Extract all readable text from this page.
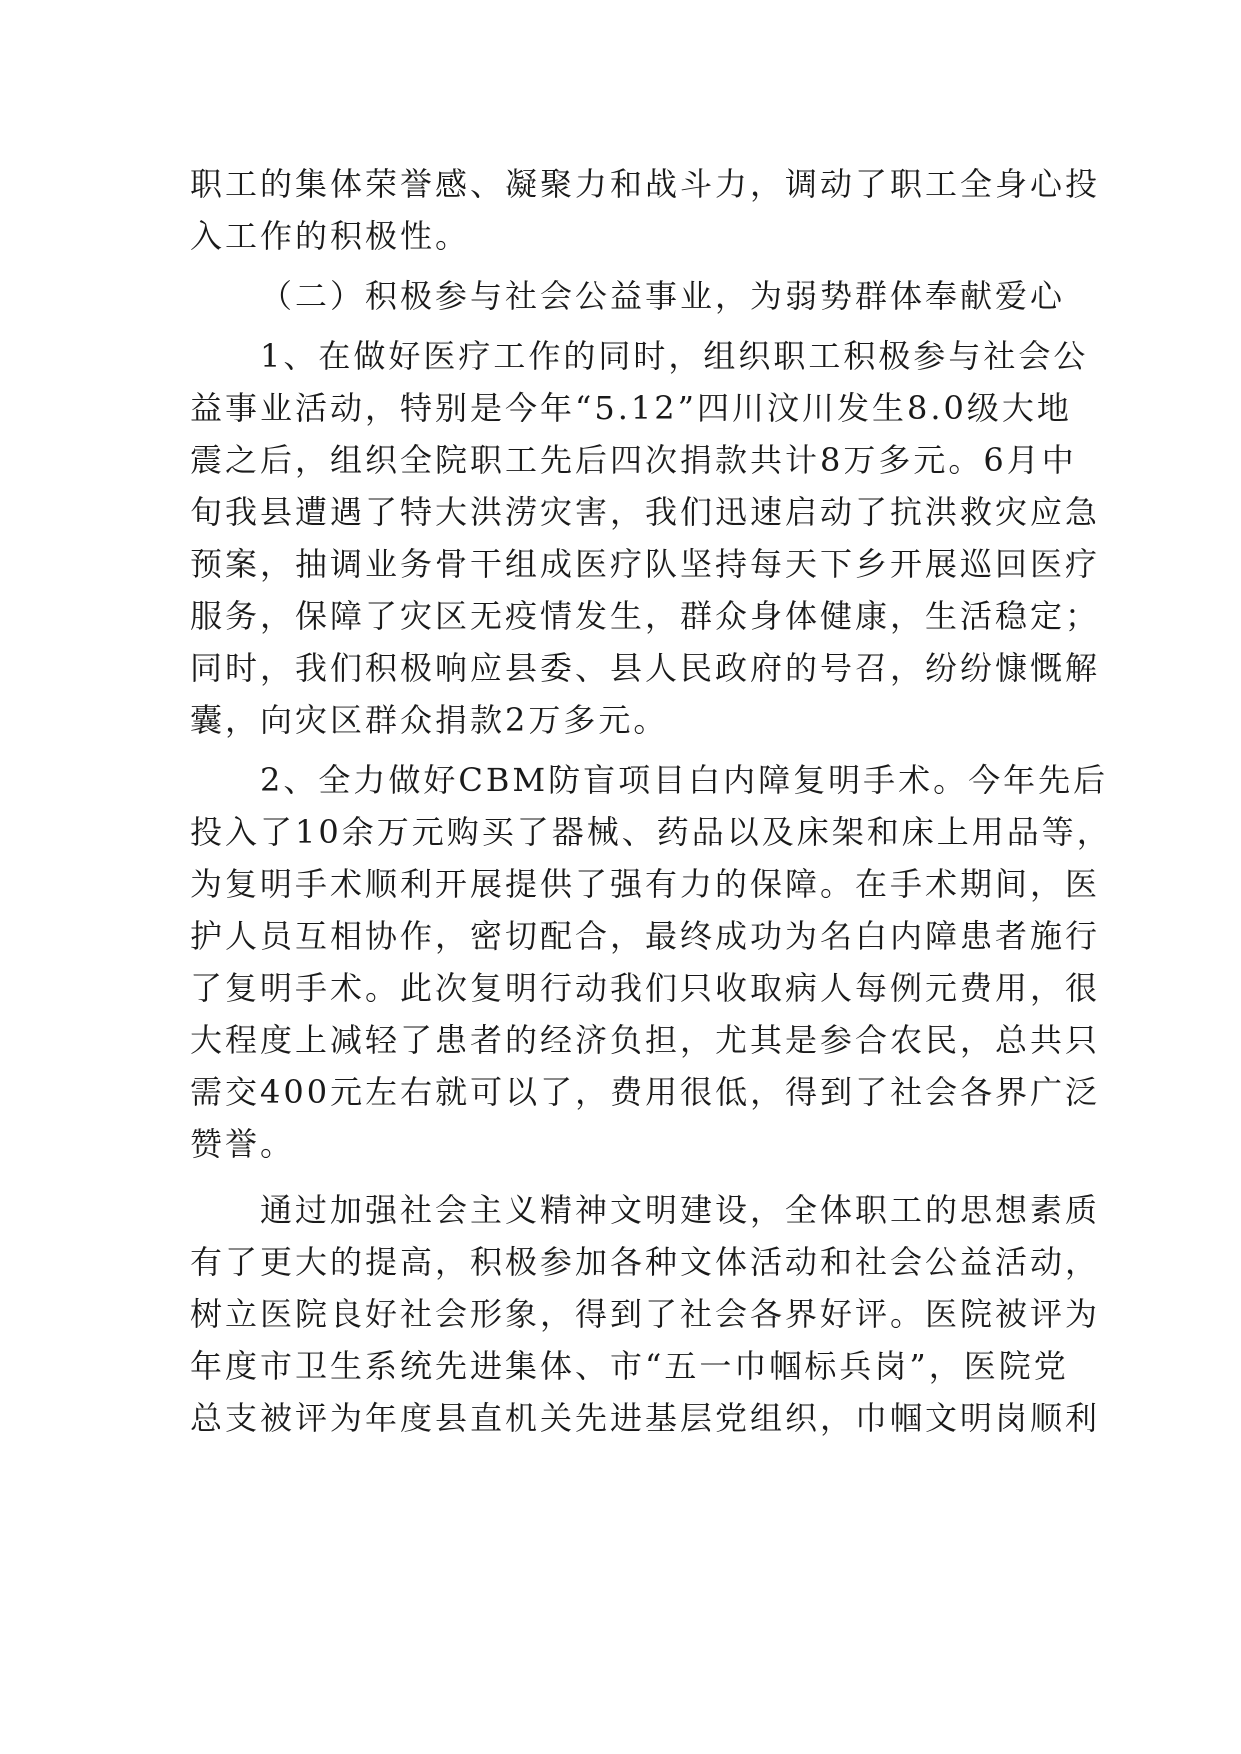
职工的集体荣誉感、凝聚力和战斗力，调动了职工全身心投
入工作的积极性。
（二）积极参与社会公益事业，为弱势群体奉献爱心
1、在做好医疗工作的同时，组织职工积极参与社会公
益事业活动，特别是今年“5.12”四川汶川发生8.0级大地
震之后，组织全院职工先后四次捐款共计8万多元。6月中
旬我县遭遇了特大洪涝灾害，我们迅速启动了抗洪救灾应急
预案，抽调业务骨干组成医疗队坚持每天下乡开展巡回医疗
服务，保障了灾区无疫情发生，群众身体健康，生活稳定；
同时，我们积极响应县委、县人民政府的号召，纷纷慷慨解
囊，向灾区群众捐款2万多元。
2、全力做好CBM防盲项目白内障复明手术。今年先后
投入了10余万元购买了器械、药品以及床架和床上用品等，
为复明手术顺利开展提供了强有力的保障。在手术期间，医
护人员互相协作，密切配合，最终成功为名白内障患者施行
了复明手术。此次复明行动我们只收取病人每例元费用，很
大程度上减轻了患者的经济负担，尤其是参合农民，总共只
需交400元左右就可以了，费用很低，得到了社会各界广泛
赞誉。
通过加强社会主义精神文明建设，全体职工的思想素质
有了更大的提高，积极参加各种文体活动和社会公益活动，
树立医院良好社会形象，得到了社会各界好评。医院被评为
年度市卫生系统先进集体、市“五一巾帼标兵岗”，医院党
总支被评为年度县直机关先进基层党组织，巾帼文明岗顺利
